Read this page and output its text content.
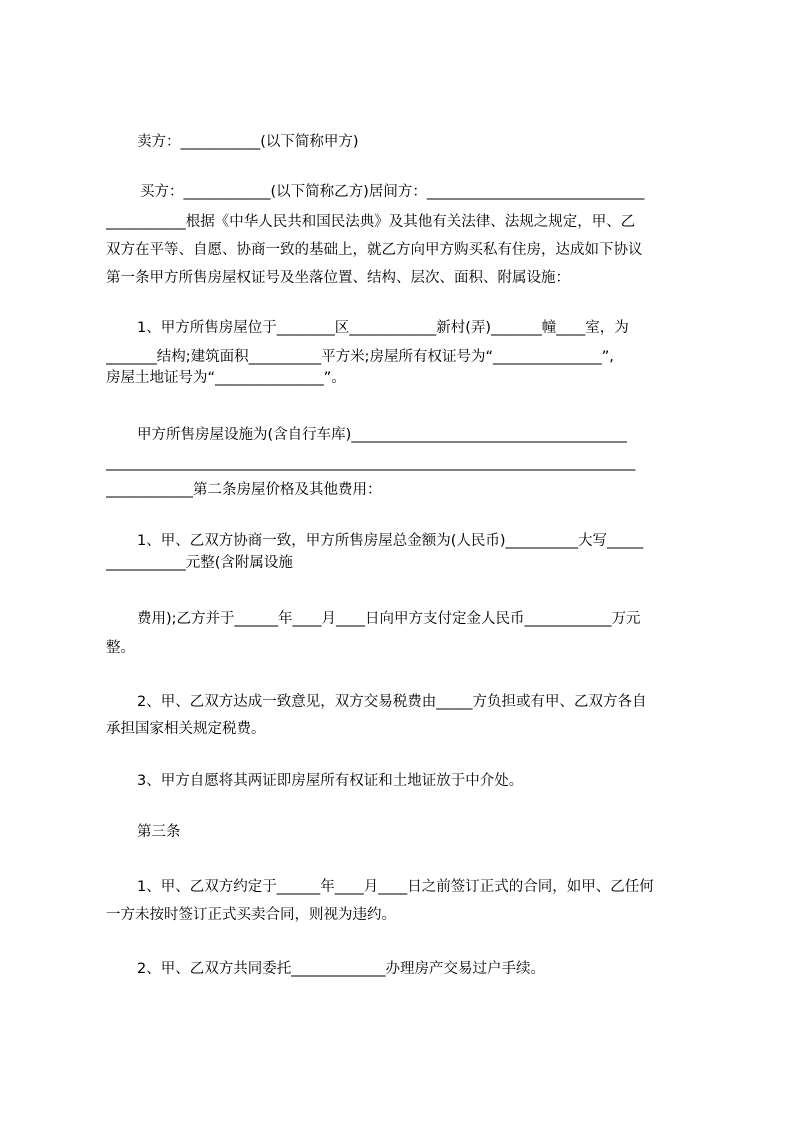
卖方：___________(以下简称甲方)
买方：____________(以下简称乙方)居间方：______________________________
___________根据《中华人民共和国民法典》及其他有关法律、法规之规定，甲、乙
双方在平等、自愿、协商一致的基础上，就乙方向甲方购买私有住房，达成如下协议
第一条甲方所售房屋权证号及坐落位置、结构、层次、面积、附属设施：
1、甲方所售房屋位于________区____________新村(弄)_______幢____室，为
_______结构;建筑面积__________平方米;房屋所有权证号为“_______________”,
房屋土地证号为“_______________”。
甲方所售房屋设施为(含自行车库)______________________________________
_________________________________________________________________________
____________第二条房屋价格及其他费用：
1、甲、乙双方协商一致，甲方所售房屋总金额为(人民币)__________大写_____
___________元整(含附属设施
费用);乙方并于______年____月____日向甲方支付定金人民币____________万元
整。
2、甲、乙双方达成一致意见，双方交易税费由_____方负担或有甲、乙双方各自
承担国家相关规定税费。
3、甲方自愿将其两证即房屋所有权证和土地证放于中介处。
第三条
1、甲、乙双方约定于______年____月____日之前签订正式的合同，如甲、乙任何
一方未按时签订正式买卖合同，则视为违约。
2、甲、乙双方共同委托_____________办理房产交易过户手续。
